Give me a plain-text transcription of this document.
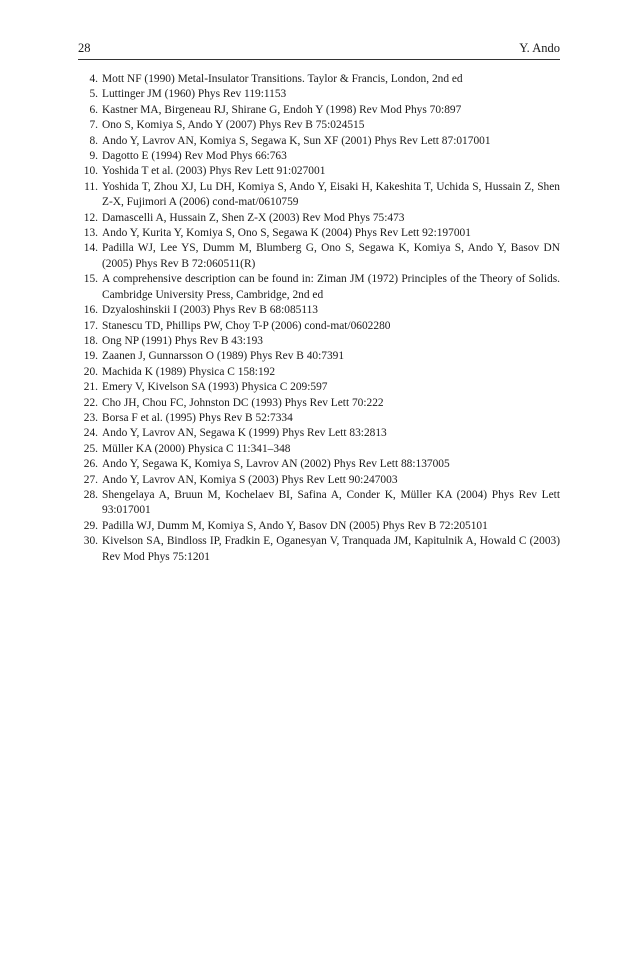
28	Y. Ando
4. Mott NF (1990) Metal-Insulator Transitions. Taylor & Francis, London, 2nd ed
5. Luttinger JM (1960) Phys Rev 119:1153
6. Kastner MA, Birgeneau RJ, Shirane G, Endoh Y (1998) Rev Mod Phys 70:897
7. Ono S, Komiya S, Ando Y (2007) Phys Rev B 75:024515
8. Ando Y, Lavrov AN, Komiya S, Segawa K, Sun XF (2001) Phys Rev Lett 87:017001
9. Dagotto E (1994) Rev Mod Phys 66:763
10. Yoshida T et al. (2003) Phys Rev Lett 91:027001
11. Yoshida T, Zhou XJ, Lu DH, Komiya S, Ando Y, Eisaki H, Kakeshita T, Uchida S, Hussain Z, Shen Z-X, Fujimori A (2006) cond-mat/0610759
12. Damascelli A, Hussain Z, Shen Z-X (2003) Rev Mod Phys 75:473
13. Ando Y, Kurita Y, Komiya S, Ono S, Segawa K (2004) Phys Rev Lett 92:197001
14. Padilla WJ, Lee YS, Dumm M, Blumberg G, Ono S, Segawa K, Komiya S, Ando Y, Basov DN (2005) Phys Rev B 72:060511(R)
15. A comprehensive description can be found in: Ziman JM (1972) Principles of the Theory of Solids. Cambridge University Press, Cambridge, 2nd ed
16. Dzyaloshinskii I (2003) Phys Rev B 68:085113
17. Stanescu TD, Phillips PW, Choy T-P (2006) cond-mat/0602280
18. Ong NP (1991) Phys Rev B 43:193
19. Zaanen J, Gunnarsson O (1989) Phys Rev B 40:7391
20. Machida K (1989) Physica C 158:192
21. Emery V, Kivelson SA (1993) Physica C 209:597
22. Cho JH, Chou FC, Johnston DC (1993) Phys Rev Lett 70:222
23. Borsa F et al. (1995) Phys Rev B 52:7334
24. Ando Y, Lavrov AN, Segawa K (1999) Phys Rev Lett 83:2813
25. Müller KA (2000) Physica C 11:341–348
26. Ando Y, Segawa K, Komiya S, Lavrov AN (2002) Phys Rev Lett 88:137005
27. Ando Y, Lavrov AN, Komiya S (2003) Phys Rev Lett 90:247003
28. Shengelaya A, Bruun M, Kochelaev BI, Safina A, Conder K, Müller KA (2004) Phys Rev Lett 93:017001
29. Padilla WJ, Dumm M, Komiya S, Ando Y, Basov DN (2005) Phys Rev B 72:205101
30. Kivelson SA, Bindloss IP, Fradkin E, Oganesyan V, Tranquada JM, Kapitulnik A, Howald C (2003) Rev Mod Phys 75:1201
